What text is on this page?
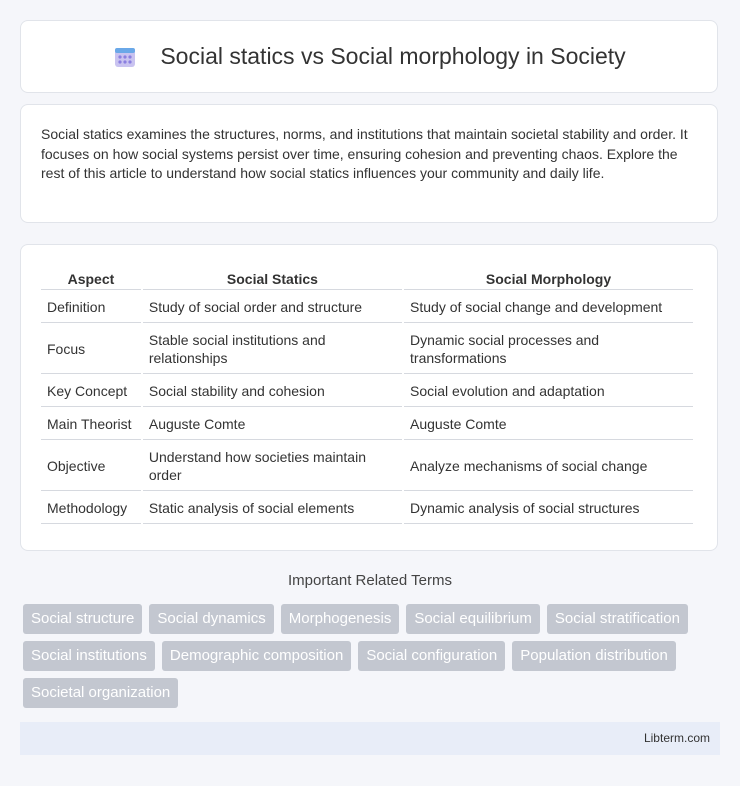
Social statics vs Social morphology in Society

Social statics examines the structures, norms, and institutions that maintain societal stability and order. It focuses on how social systems persist over time, ensuring cohesion and preventing chaos. Explore the rest of this article to understand how social statics influences your community and daily life.

Aspect	Social Statics	Social Morphology
Definition	Study of social order and structure	Study of social change and development
Focus	Stable social institutions and relationships	Dynamic social processes and transformations
Key Concept	Social stability and cohesion	Social evolution and adaptation
Main Theorist	Auguste Comte	Auguste Comte
Objective	Understand how societies maintain order	Analyze mechanisms of social change
Methodology	Static analysis of social elements	Dynamic analysis of social structures
Important Related Terms
Social structure	Social dynamics	Morphogenesis	Social equilibrium	Social stratification
Social institutions	Demographic composition	Social configuration	Population distribution
Societal organization
Libterm.com
